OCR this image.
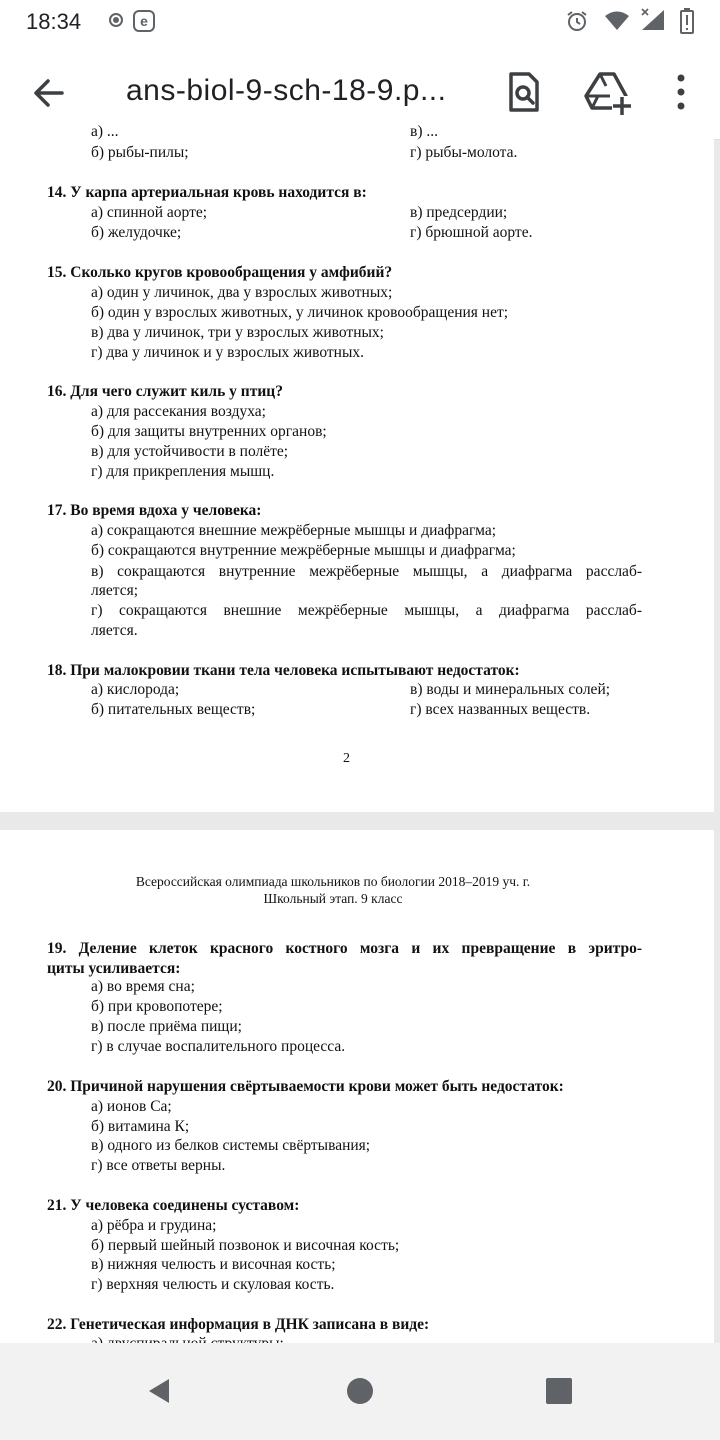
18:34	e
ans-biol-9-sch-18-9.p...
а) ...	в) ...
б) рыбы-пилы;	г) рыбы-молота.
14. У карпа артериальная кровь находится в:
а) спинной аорте;	в) предсердии;
б) желудочке;	г) брюшной аорте.
15. Сколько кругов кровообращения у амфибий?
а) один у личинок, два у взрослых животных;
б) один у взрослых животных, у личинок кровообращения нет;
в) два у личинок, три у взрослых животных;
г) два у личинок и у взрослых животных.
16. Для чего служит киль у птиц?
а) для рассекания воздуха;
б) для защиты внутренних органов;
в) для устойчивости в полёте;
г) для прикрепления мышц.
17. Во время вдоха у человека:
а) сокращаются внешние межрёберные мышцы и диафрагма;
б) сокращаются внутренние межрёберные мышцы и диафрагма;
в) сокращаются внутренние межрёберные мышцы, а диафрагма расслаб-
ляется;
г) сокращаются внешние межрёберные мышцы, а диафрагма расслаб-
ляется.
18. При малокровии ткани тела человека испытывают недостаток:
а) кислорода;	в) воды и минеральных солей;
б) питательных веществ;	г) всех названных веществ.
2
Всероссийская олимпиада школьников по биологии 2018–2019 уч. г.
Школьный этап. 9 класс
19. Деление клеток красного костного мозга и их превращение в эритро-
циты усиливается:
а) во время сна;
б) при кровопотере;
в) после приёма пищи;
г) в случае воспалительного процесса.
20. Причиной нарушения свёртываемости крови может быть недостаток:
а) ионов Са;
б) витамина К;
в) одного из белков системы свёртывания;
г) все ответы верны.
21. У человека соединены суставом:
а) рёбра и грудина;
б) первый шейный позвонок и височная кость;
в) нижняя челюсть и височная кость;
г) верхняя челюсть и скуловая кость.
22. Генетическая информация в ДНК записана в виде:
